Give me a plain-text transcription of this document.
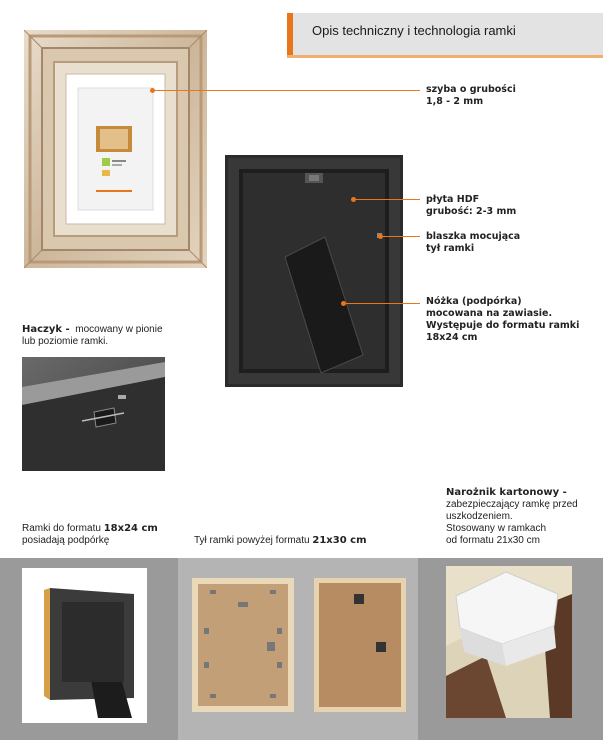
Opis techniczny i technologia ramki
szyba o grubości
1,8 - 2 mm
płyta HDF
grubość: 2-3 mm
blaszka mocująca
tył ramki
Nóżka (podpórka)
mocowana na zawiasie.
Występuje do formatu ramki
18x24 cm
Haczyk - mocowany w pionie
lub poziomie ramki.
Narożnik kartonowy -
zabezpieczający ramkę przed
uszkodzeniem.
Stosowany w ramkach
od formatu 21x30 cm
Ramki do formatu 18x24 cm
posiadają podpórkę	Tył ramki powyżej formatu 21x30 cm
